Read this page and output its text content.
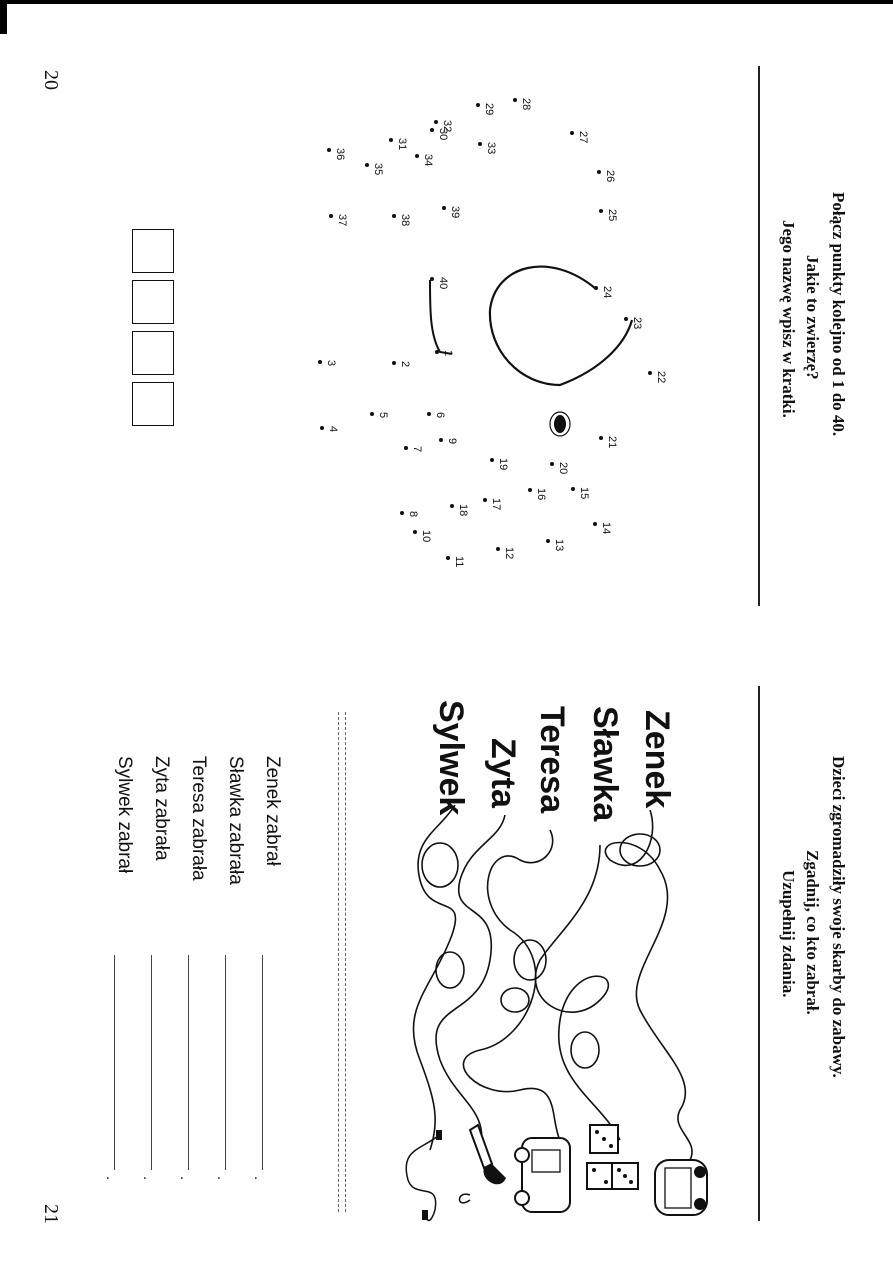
20
21
Połącz punkty kolejno od 1 do 40.
Jakie to zwierzę?
Jego nazwę wpisz w kratki.
1
2
3
4
5	6
7
8
9
10
11
12
13
14
15
16
17
18
19	20
21
22
23
24
25
26
27
28
29
30
31
32
33
34
35
36
37	38
39
40
Dzieci zgromadziły swoje skarby do zabawy.
Zgadnij, co kto zabrał.
Uzupełnij zdania.
Zenek
Sławka
Teresa
Zyta
Sylwek
Zenek zabrał
Sławka zabrała
Teresa zabrała
Zyta zabrała
Sylwek zabrał
.
.
.
.
.
